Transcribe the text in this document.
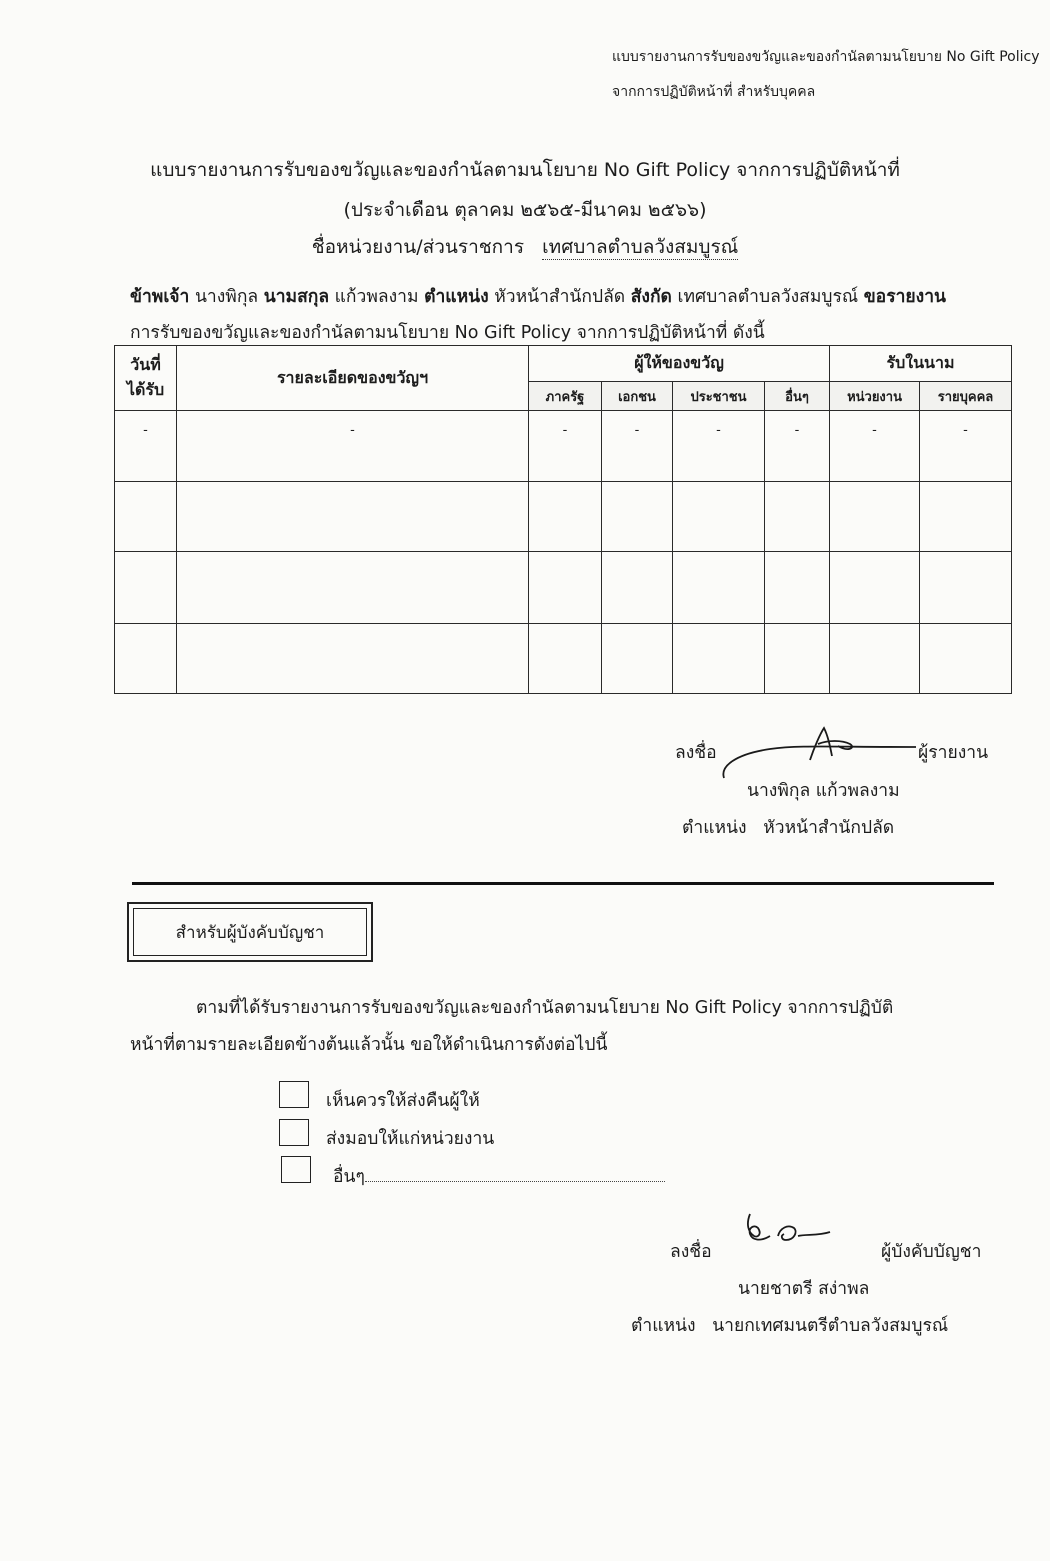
แบบรายงานการรับของขวัญและของกำนัลตามนโยบาย No Gift Policy
จากการปฏิบัติหน้าที่ สำหรับบุคคล
แบบรายงานการรับของขวัญและของกำนัลตามนโยบาย No Gift Policy จากการปฏิบัติหน้าที่
(ประจำเดือน ตุลาคม ๒๕๖๕-มีนาคม ๒๕๖๖)
ชื่อหน่วยงาน/ส่วนราชการ เทศบาลตำบลวังสมบูรณ์
ข้าพเจ้า นางพิกุล นามสกุล แก้วพลงาม ตำแหน่ง หัวหน้าสำนักปลัด สังกัด เทศบาลตำบลวังสมบูรณ์ ขอรายงาน
การรับของขวัญและของกำนัลตามนโยบาย No Gift Policy จากการปฏิบัติหน้าที่ ดังนี้
วันที่
ได้รับ	รายละเอียดของขวัญฯ	ผู้ให้ของขวัญ				รับในนาม	
		ภาครัฐ	เอกชน	ประชาชน	อื่นๆ	หน่วยงาน	รายบุคคล
-	-	-	-	-	-	-	-

ลงชื่อ	ผู้รายงาน
นางพิกุล แก้วพลงาม
ตำแหน่ง หัวหน้าสำนักปลัด
สำหรับผู้บังคับบัญชา
ตามที่ได้รับรายงานการรับของขวัญและของกำนัลตามนโยบาย No Gift Policy จากการปฏิบัติ
หน้าที่ตามรายละเอียดข้างต้นแล้วนั้น ขอให้ดำเนินการดังต่อไปนี้
เห็นควรให้ส่งคืนผู้ให้
ส่งมอบให้แก่หน่วยงาน
อื่นๆ
ลงชื่อ	ผู้บังคับบัญชา
นายชาตรี สง่าพล
ตำแหน่ง นายกเทศมนตรีตำบลวังสมบูรณ์
